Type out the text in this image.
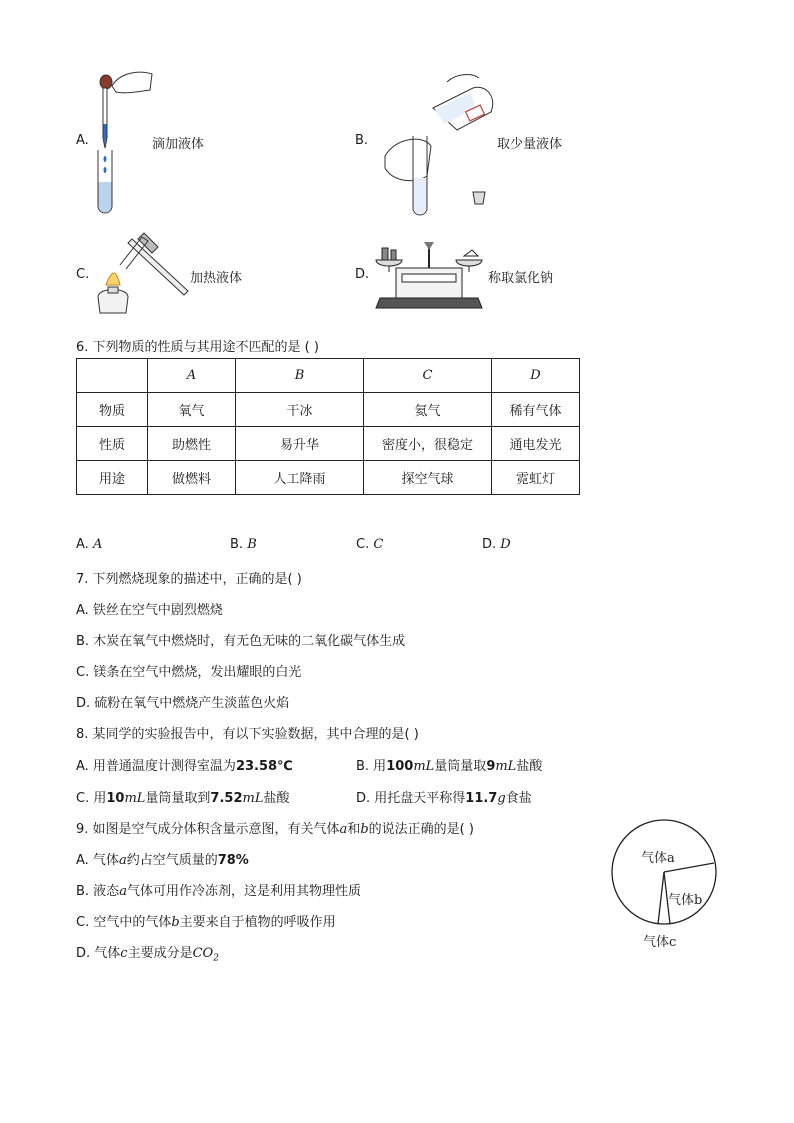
A.	滴加液体	B.	取少量液体
C.	加热液体	D.	称取氯化钠
6. 下列物质的性质与其用途不匹配的是 ( )
	A	B	C	D
物质	氧气	干冰	氦气	稀有气体
性质	助燃性	易升华	密度小，很稳定	通电发光
用途	做燃料	人工降雨	探空气球	霓虹灯
A. A	B. B	C. C	D. D
7. 下列燃烧现象的描述中，正确的是( )
A. 铁丝在空气中剧烈燃烧
B. 木炭在氧气中燃烧时，有无色无味的二氧化碳气体生成
C. 镁条在空气中燃烧，发出耀眼的白光
D. 硫粉在氧气中燃烧产生淡蓝色火焰
8. 某同学的实验报告中，有以下实验数据，其中合理的是( )
A. 用普通温度计测得室温为23.58℃	B. 用100mL量筒量取9mL盐酸
C. 用10mL量筒量取到7.52mL盐酸	D. 用托盘天平称得11.7g食盐
9. 如图是空气成分体积含量示意图，有关气体a和b的说法正确的是( )
A. 气体a约占空气质量的78%
B. 液态a气体可用作冷冻剂，这是利用其物理性质
C. 空气中的气体b主要来自于植物的呼吸作用
D. 气体c主要成分是$CO_2$
气体a
气体b
气体c
